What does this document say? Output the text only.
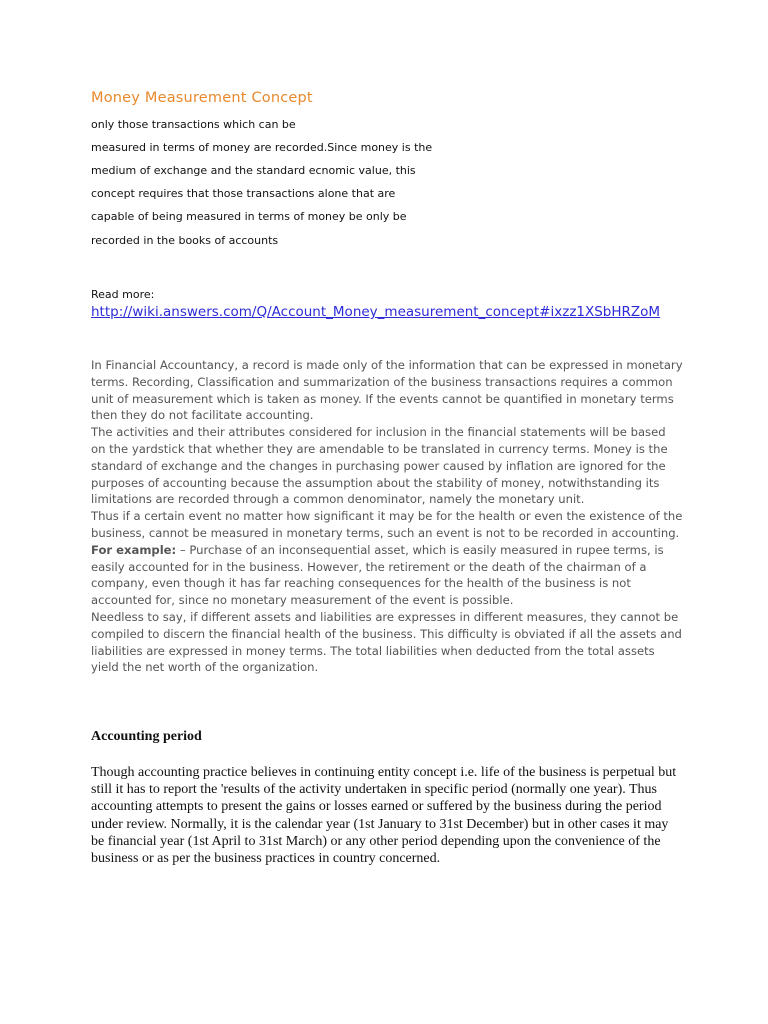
Money Measurement Concept

only those transactions which can be

measured in terms of money are recorded.Since money is the

medium of exchange and the standard ecnomic value, this

concept requires that those transactions alone that are

capable of being measured in terms of money be only be

recorded in the books of accounts

Read more:

http://wiki.answers.com/Q/Account_Money_measurement_concept#ixzz1XSbHRZoM

In Financial Accountancy, a record is made only of the information that can be expressed in monetary terms. Recording, Classification and summarization of the business transactions requires a common unit of measurement which is taken as money. If the events cannot be quantified in monetary terms then they do not facilitate accounting.

The activities and their attributes considered for inclusion in the financial statements will be based on the yardstick that whether they are amendable to be translated in currency terms. Money is the standard of exchange and the changes in purchasing power caused by inflation are ignored for the purposes of accounting because the assumption about the stability of money, notwithstanding its limitations are recorded through a common denominator, namely the monetary unit.

Thus if a certain event no matter how significant it may be for the health or even the existence of the business, cannot be measured in monetary terms, such an event is not to be recorded in accounting.

For example: – Purchase of an inconsequential asset, which is easily measured in rupee terms, is easily accounted for in the business. However, the retirement or the death of the chairman of a company, even though it has far reaching consequences for the health of the business is not accounted for, since no monetary measurement of the event is possible.

Needless to say, if different assets and liabilities are expresses in different measures, they cannot be compiled to discern the financial health of the business. This difficulty is obviated if all the assets and liabilities are expressed in money terms. The total liabilities when deducted from the total assets yield the net worth of the organization.

Accounting period

Though accounting practice believes in continuing entity concept i.e. life of the business is perpetual but still it has to report the 'results of the activity undertaken in specific period (normally one year). Thus accounting attempts to present the gains or losses earned or suffered by the business during the period under review. Normally, it is the calendar year (1st January to 31st December) but in other cases it may be financial year (1st April to 31st March) or any other period depending upon the convenience of the business or as per the business practices in country concerned.
